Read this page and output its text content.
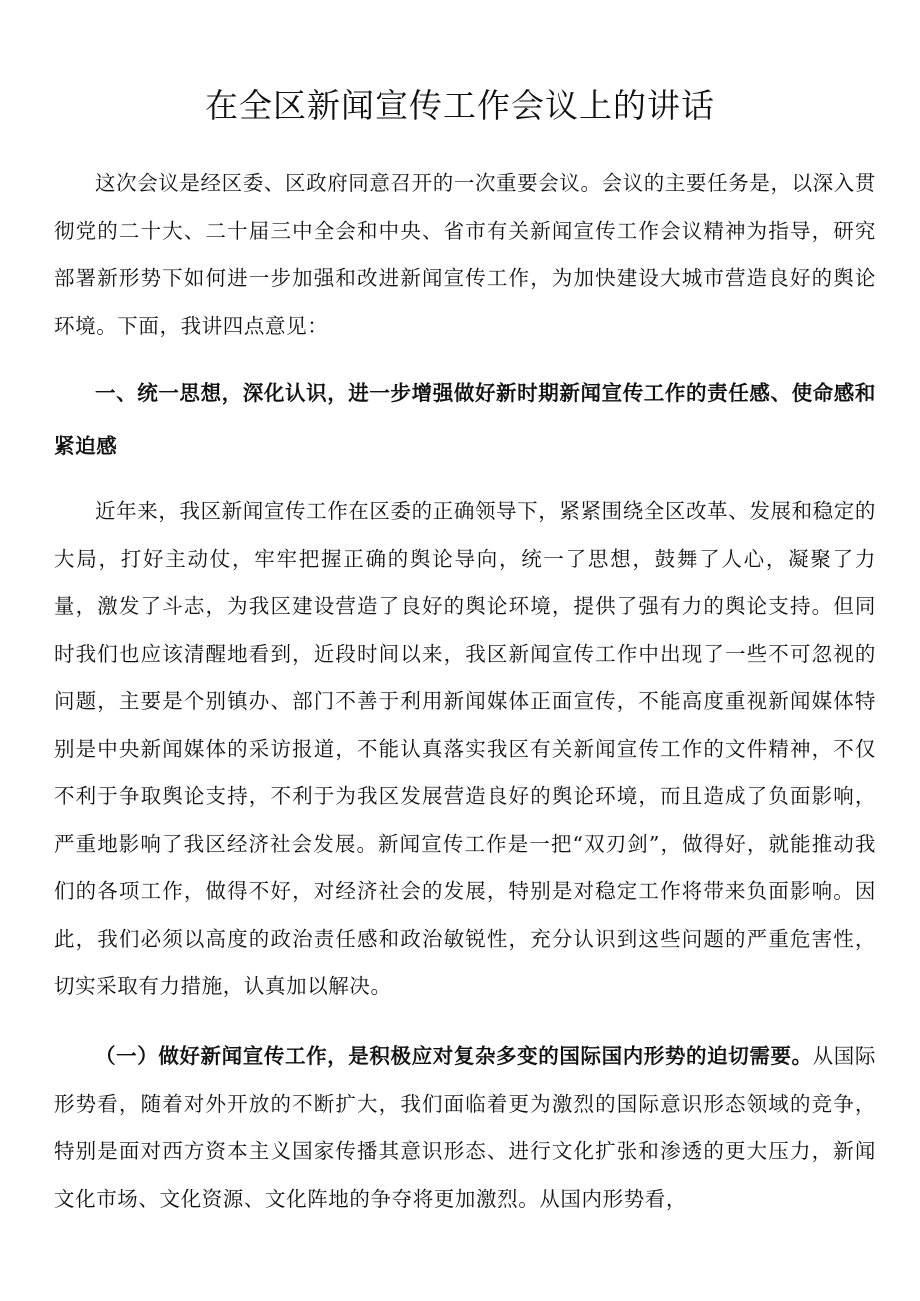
在全区新闻宣传工作会议上的讲话

这次会议是经区委、区政府同意召开的一次重要会议。会议的主要任务是，以深入贯彻党的二十大、二十届三中全会和中央、省市有关新闻宣传工作会议精神为指导，研究部署新形势下如何进一步加强和改进新闻宣传工作，为加快建设大城市营造良好的舆论环境。下面，我讲四点意见：

一、统一思想，深化认识，进一步增强做好新时期新闻宣传工作的责任感、使命感和紧迫感

近年来，我区新闻宣传工作在区委的正确领导下，紧紧围绕全区改革、发展和稳定的大局，打好主动仗，牢牢把握正确的舆论导向，统一了思想，鼓舞了人心，凝聚了力量，激发了斗志，为我区建设营造了良好的舆论环境，提供了强有力的舆论支持。但同时我们也应该清醒地看到，近段时间以来，我区新闻宣传工作中出现了一些不可忽视的问题，主要是个别镇办、部门不善于利用新闻媒体正面宣传，不能高度重视新闻媒体特别是中央新闻媒体的采访报道，不能认真落实我区有关新闻宣传工作的文件精神，不仅不利于争取舆论支持，不利于为我区发展营造良好的舆论环境，而且造成了负面影响，严重地影响了我区经济社会发展。新闻宣传工作是一把“双刃剑”，做得好，就能推动我们的各项工作，做得不好，对经济社会的发展，特别是对稳定工作将带来负面影响。因此，我们必须以高度的政治责任感和政治敏锐性，充分认识到这些问题的严重危害性，切实采取有力措施，认真加以解决。

（一）做好新闻宣传工作，是积极应对复杂多变的国际国内形势的迫切需要。从国际形势看，随着对外开放的不断扩大，我们面临着更为激烈的国际意识形态领域的竞争，特别是面对西方资本主义国家传播其意识形态、进行文化扩张和渗透的更大压力，新闻文化市场、文化资源、文化阵地的争夺将更加激烈。从国内形势看，
